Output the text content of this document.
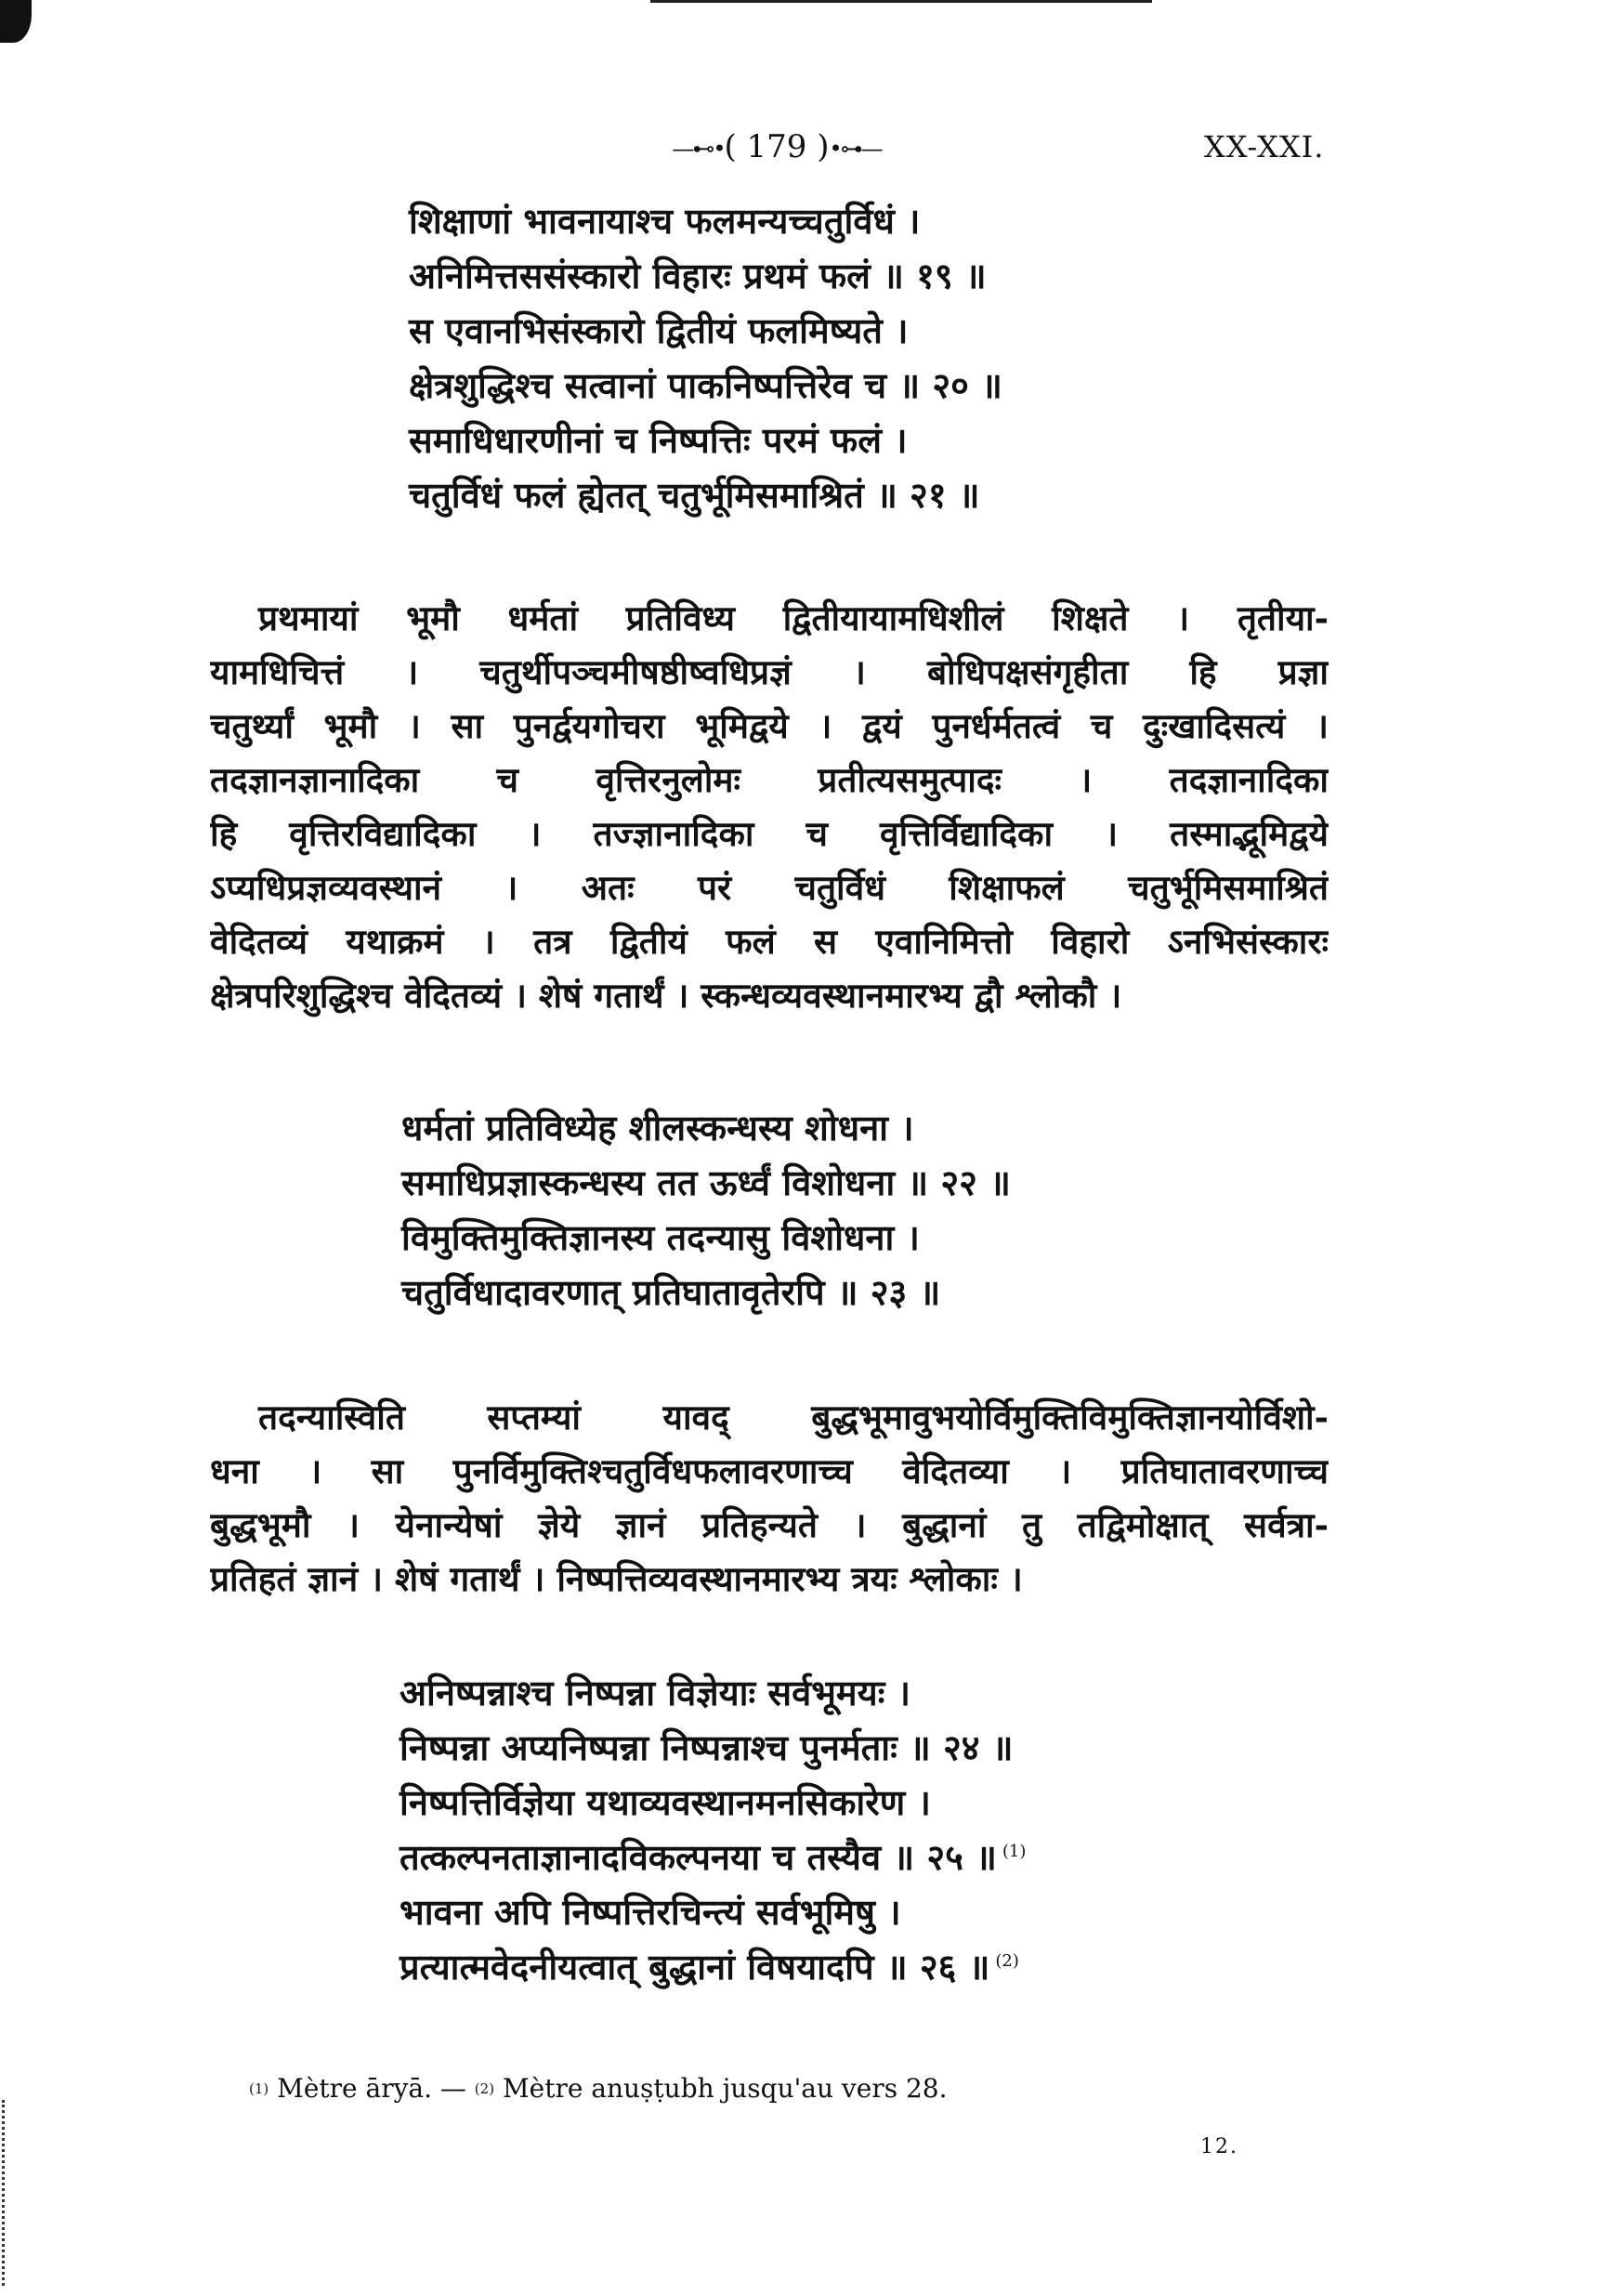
—⊷•( 179 )•⊶—	XX-XXI.
शिक्षाणां भावनायाश्च फलमन्यच्चतुर्विधं ।
अनिमित्तससंस्कारो विहारः प्रथमं फलं ॥ १९ ॥
स एवानभिसंस्कारो द्वितीयं फलमिष्यते ।
क्षेत्रशुद्धिश्च सत्वानां पाकनिष्पत्तिरेव च ॥ २० ॥
समाधिधारणीनां च निष्पत्तिः परमं फलं ।
चतुर्विधं फलं ह्येतत् चतुर्भूमिसमाश्रितं ॥ २१ ॥
प्रथमायां भूमौ धर्मतां प्रतिविध्य द्वितीयायामधिशीलं शिक्षते । तृतीया-
यामधिचित्तं । चतुर्थीपञ्चमीषष्ठीष्वधिप्रज्ञं । बोधिपक्षसंगृहीता हि प्रज्ञा
चतुर्थ्यां भूमौ । सा पुनर्द्वयगोचरा भूमिद्वये । द्वयं पुनर्धर्मतत्वं च दुःखादिसत्यं ।
तदज्ञानज्ञानादिका च वृत्तिरनुलोमः प्रतीत्यसमुत्पादः । तदज्ञानादिका
हि वृत्तिरविद्यादिका । तज्ज्ञानादिका च वृत्तिर्विद्यादिका । तस्माद्भूमिद्वये
ऽप्यधिप्रज्ञव्यवस्थानं । अतः परं चतुर्विधं शिक्षाफलं चतुर्भूमिसमाश्रितं
वेदितव्यं यथाक्रमं । तत्र द्वितीयं फलं स एवानिमित्तो विहारो ऽनभिसंस्कारः
क्षेत्रपरिशुद्धिश्च वेदितव्यं । शेषं गतार्थं । स्कन्धव्यवस्थानमारभ्य द्वौ श्लोकौ ।
धर्मतां प्रतिविध्येह शीलस्कन्धस्य शोधना ।
समाधिप्रज्ञास्कन्धस्य तत ऊर्ध्वं विशोधना ॥ २२ ॥
विमुक्तिमुक्तिज्ञानस्य तदन्यासु विशोधना ।
चतुर्विधादावरणात् प्रतिघातावृतेरपि ॥ २३ ॥
तदन्यास्विति सप्तम्यां यावद् बुद्धभूमावुभयोर्विमुक्तिविमुक्तिज्ञानयोर्विशो-
धना । सा पुनर्विमुक्तिश्चतुर्विधफलावरणाच्च वेदितव्या । प्रतिघातावरणाच्च
बुद्धभूमौ । येनान्येषां ज्ञेये ज्ञानं प्रतिहन्यते । बुद्धानां तु तद्विमोक्षात् सर्वत्रा-
प्रतिहतं ज्ञानं । शेषं गतार्थं । निष्पत्तिव्यवस्थानमारभ्य त्रयः श्लोकाः ।
अनिष्पन्नाश्च निष्पन्ना विज्ञेयाः सर्वभूमयः ।
निष्पन्ना अप्यनिष्पन्ना निष्पन्नाश्च पुनर्मताः ॥ २४ ॥
निष्पत्तिर्विज्ञेया यथाव्यवस्थानमनसिकारेण ।
तत्कल्पनताज्ञानादविकल्पनया च तस्यैव ॥ २५ ॥ $^{(1)}$
भावना अपि निष्पत्तिरचिन्त्यं सर्वभूमिषु ।
प्रत्यात्मवेदनीयत्वात् बुद्धानां विषयादपि ॥ २६ ॥ $^{(2)}$
$^{(1)}$ Mètre āryā. — $^{(2)}$ Mètre anuṣṭubh jusqu'au vers 28.
12.
